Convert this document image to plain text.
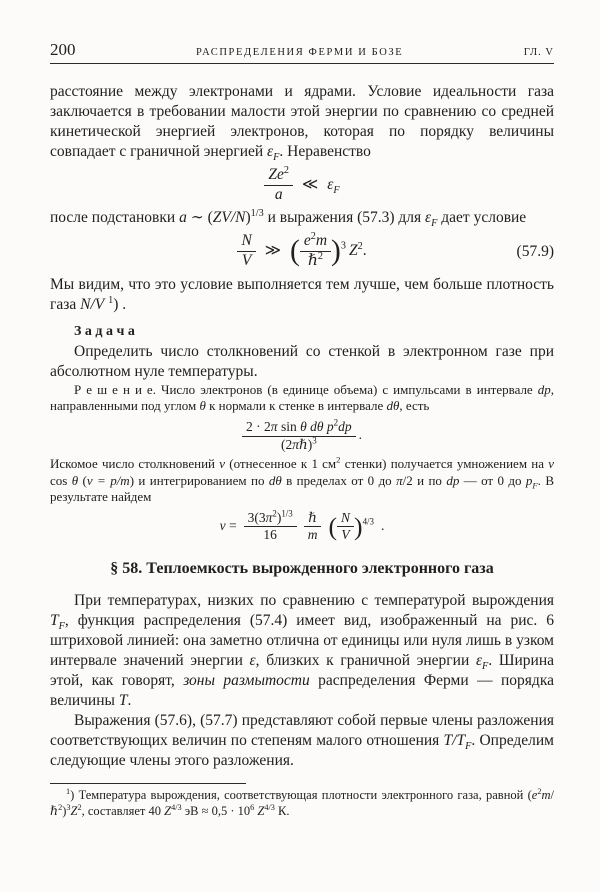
200	РАСПРЕДЕЛЕНИЯ ФЕРМИ И БОЗЕ	ГЛ. V

расстояние между электронами и ядрами. Условие идеальности газа заключается в требовании малости этой энергии по сравнению со средней кинетической энергией электронов, которая по порядку величины совпадает с граничной энергией $\varepsilon_F$. Неравенство

$\frac{Ze^2}{a}$ ≪ $\varepsilon_F$

после подстановки a ∼ $(ZV/N)^{1/3}$ и выражения (57.3) для $\varepsilon_F$ дает условие

$\frac{N}{V}$ ≫ ( $\frac{e^2m}{\hbar^2} )^3$ $Z^2$.	(57.9)

Мы видим, что это условие выполняется тем лучше, чем больше плотность газа N/V $^1$) .

З а д а ч а

Определить число столкновений со стенкой в электронном газе при абсолютном нуле температуры.

Р е ш е н и е. Число электронов (в единице объема) с импульсами в интервале dp, направленными под углом θ к нормали к стенке в интервале dθ, есть

$\frac{2 \cdot 2\pi \sin \theta d\theta p^2dp}{(2\pi\hbar)^3}$ .

Искомое число столкновений ν (отнесенное к 1 $см^2$ стенки) получается умножением на v cos θ (v = p/m) и интегрированием по dθ в пределах от 0 до π/2 и по dp — от 0 до $p_F$. В результате найдем

$\nu = \frac{3(3\pi^2)^{1/3}}{16} \frac{\text{ℏ}}{m}$ ( $\frac{N}{V} )^{4/3}$ .
§ 58. Теплоемкость вырожденного электронного газа

При температурах, низких по сравнению с температурой вырождения $T_F$, функция распределения (57.4) имеет вид, изображенный на рис. 6 штриховой линией: она заметно отлична от единицы или нуля лишь в узком интервале значений энергии ε, близких к граничной энергии $\varepsilon_F$. Ширина этой, как говорят, зоны размытости распределения Ферми — порядка величины T.

Выражения (57.6), (57.7) представляют собой первые члены разложения соответствующих величин по степеням малого отношения $T/T_F$. Определим следующие члены этого разложения.

$^1$) Температура вырождения, соответствующая плотности электронного газа, равной $(e^2m/\hbar^2)^3Z^2$, составляет 40 $Z^{4/3}$ эВ ≈ $0,5 \cdot 10^6$ $Z^{4/3}$ К.
